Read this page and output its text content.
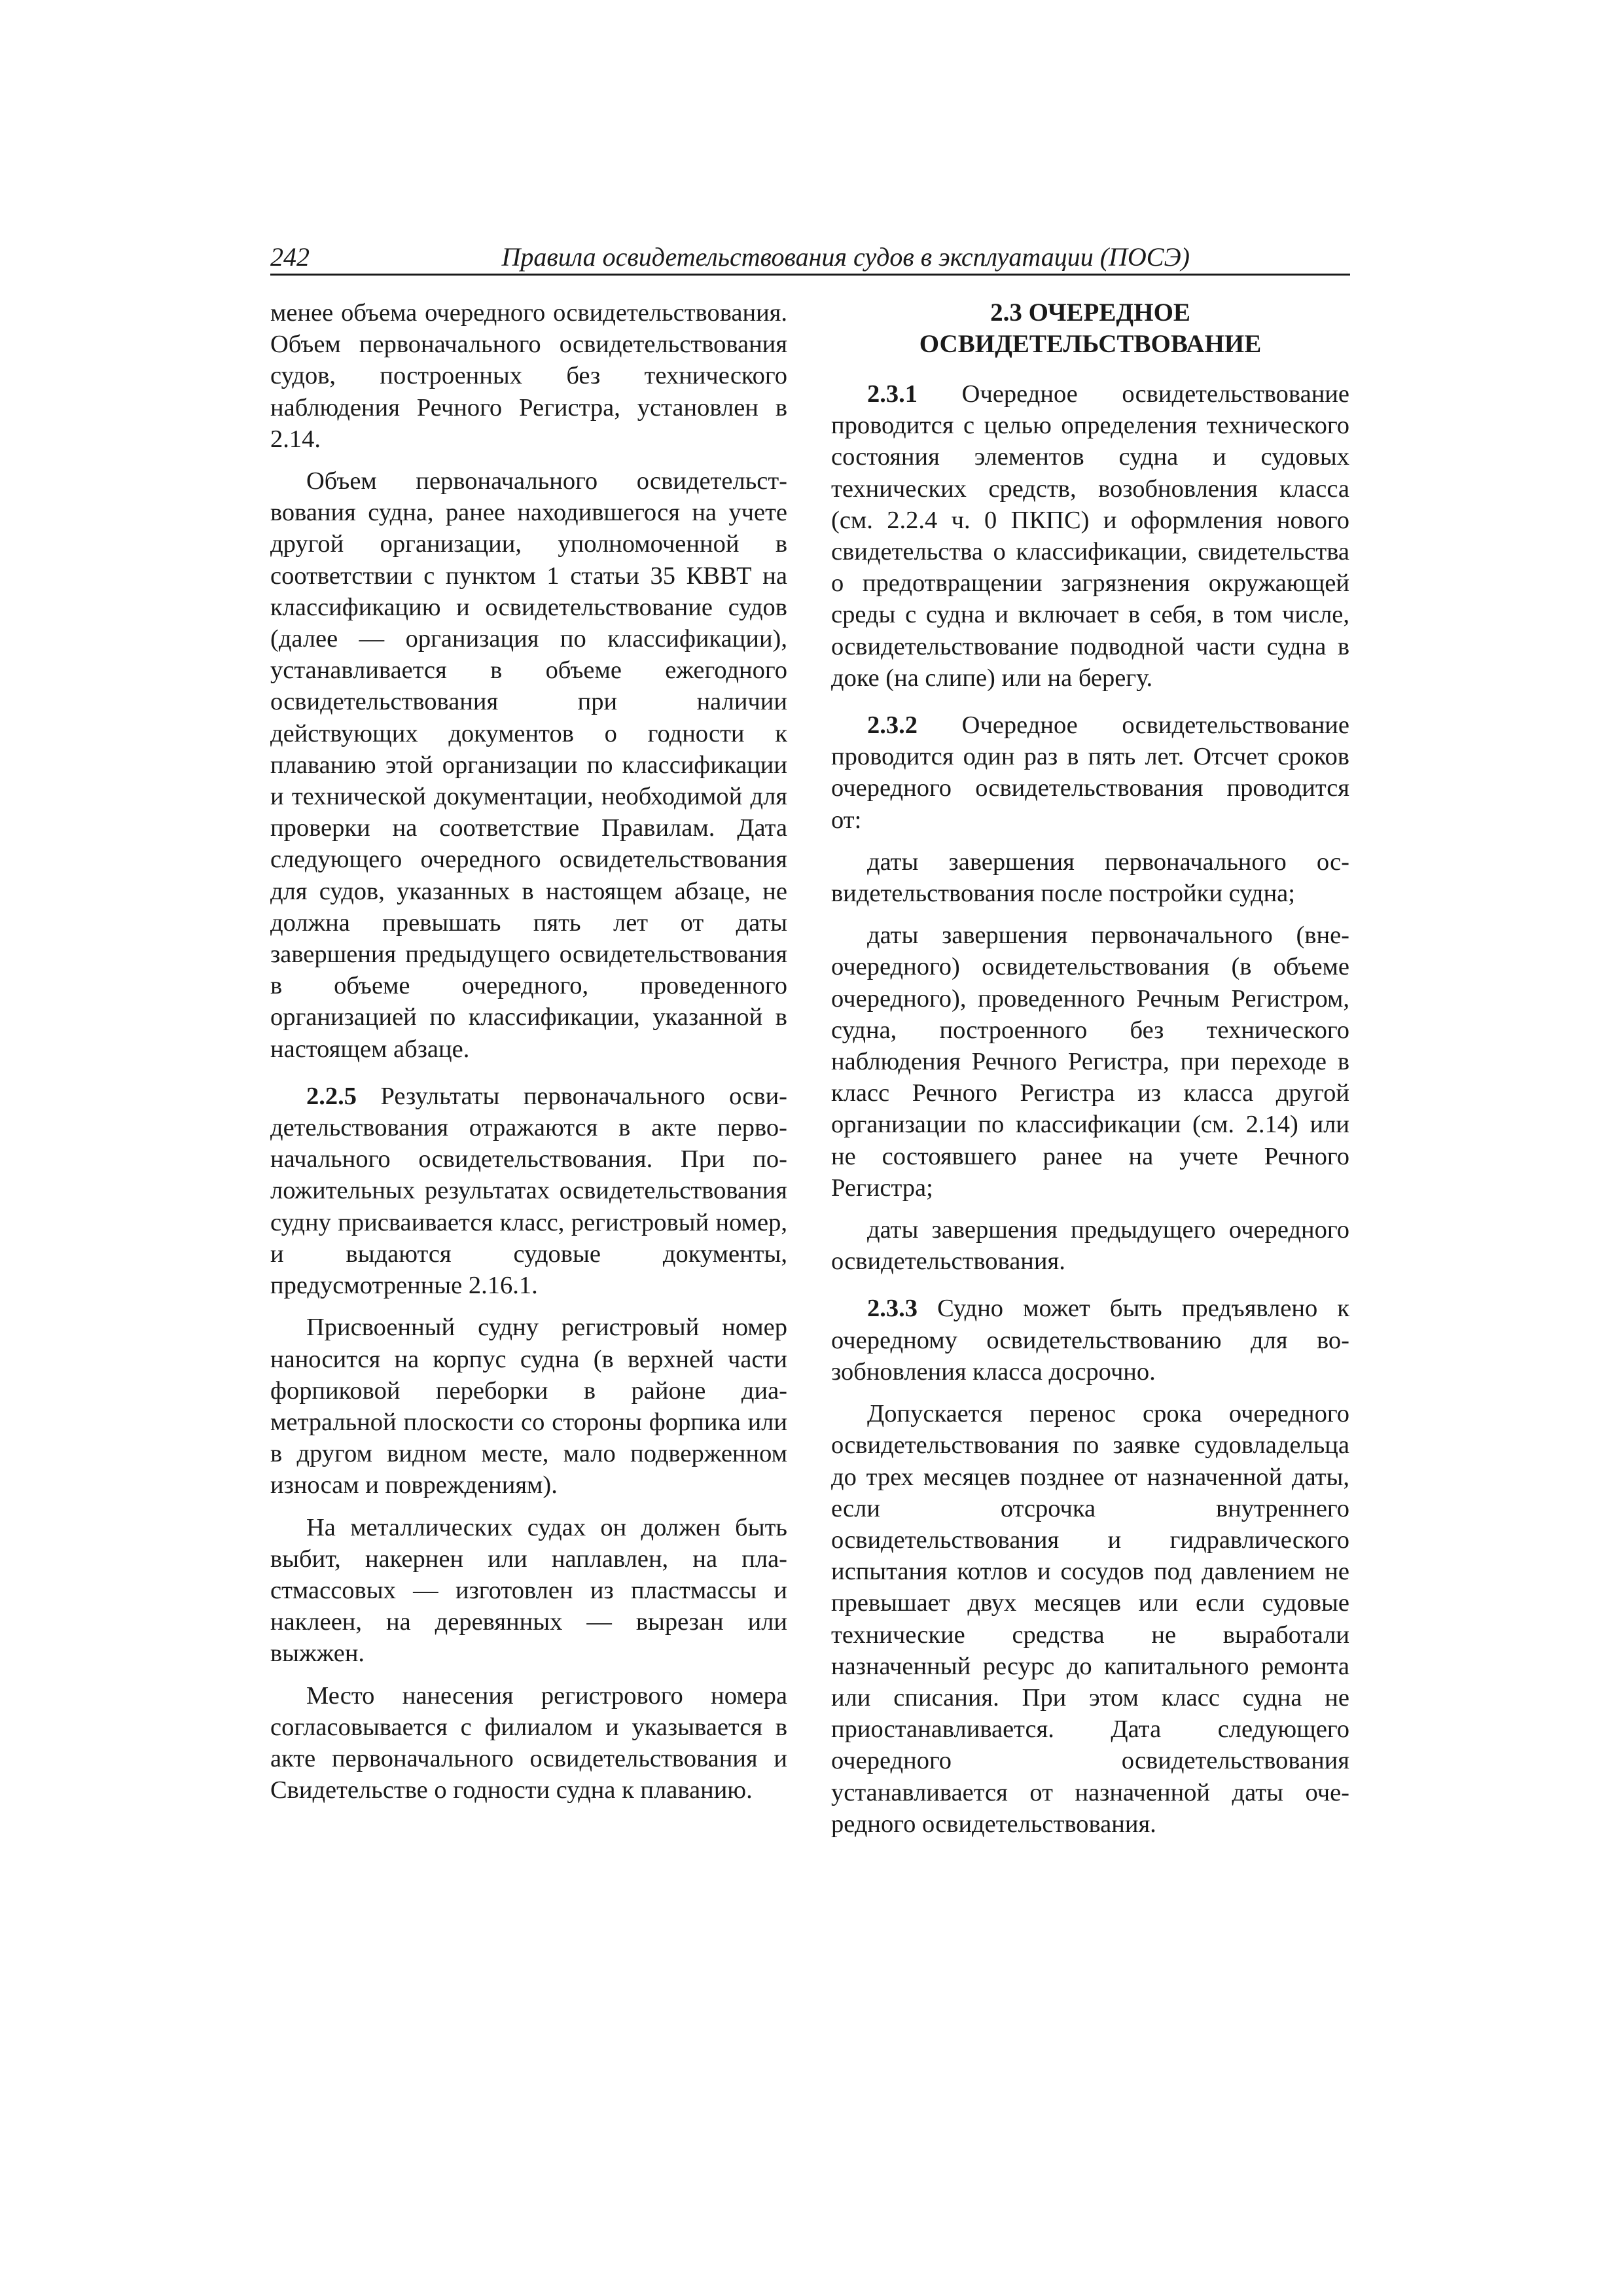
242	Правила освидетельствования судов в эксплуатации (ПОСЭ)

менее объема очередного освидетельствования. Объем первоначального освидетельствования судов, построенных без технического наблюдения Речного Регистра, установлен в 2.14.

Объем первоначального освидетельствования судна, ранее находившегося на учете другой организации, уполномоченной в соответствии с пунктом 1 статьи 35 КВВТ на классификацию и освидетельствование судов (далее — организация по классификации), устанавливается в объеме ежегодного освидетельствования при наличии действующих документов о годности к плаванию этой организации по классификации и технической документации, необходимой для проверки на соответствие Правилам. Дата следующего очередного освидетельствования для судов, указанных в настоящем абзаце, не должна превышать пять лет от даты завершения предыдущего освидетельствования в объеме очередного, проведенного организацией по классификации, указанной в настоящем абзаце.

2.2.5 Результаты первоначального освидетельствования отражаются в акте первоначального освидетельствования. При положительных результатах освидетельствования судну присваивается класс, регистровый номер, и выдаются судовые документы, предусмотренные 2.16.1.

Присвоенный судну регистровый номер наносится на корпус судна (в верхней части форпиковой переборки в районе диаметральной плоскости со стороны форпика или в другом видном месте, мало подверженном износам и повреждениям).

На металлических судах он должен быть выбит, накернен или наплавлен, на пластмассовых — изготовлен из пластмассы и наклеен, на деревянных — вырезан или выжжен.

Место нанесения регистрового номера согласовывается с филиалом и указывается в акте первоначального освидетельствования и Свидетельстве о годности судна к плаванию.

2.3 ОЧЕРЕДНОЕ
ОСВИДЕТЕЛЬСТВОВАНИЕ

2.3.1 Очередное освидетельствование проводится с целью определения технического состояния элементов судна и судовых технических средств, возобновления класса (см. 2.2.4 ч. 0 ПКПС) и оформления нового свидетельства о классификации, свидетельства о предотвращении загрязнения окружающей среды с судна и включает в себя, в том числе, освидетельствование подводной части судна в доке (на слипе) или на берегу.

2.3.2 Очередное освидетельствование проводится один раз в пять лет. Отсчет сроков очередного освидетельствования проводится от:

даты завершения первоначального освидетельствования после постройки судна;

даты завершения первоначального (внеочередного) освидетельствования (в объеме очередного), проведенного Речным Регистром, судна, построенного без технического наблюдения Речного Регистра, при переходе в класс Речного Регистра из класса другой организации по классификации (см. 2.14) или не состоявшего ранее на учете Речного Регистра;

даты завершения предыдущего очередного освидетельствования.

2.3.3 Судно может быть предъявлено к очередному освидетельствованию для возобновления класса досрочно.

Допускается перенос срока очередного освидетельствования по заявке судовладельца до трех месяцев позднее от назначенной даты, если отсрочка внутреннего освидетельствования и гидравлического испытания котлов и сосудов под давлением не превышает двух месяцев или если судовые технические средства не выработали назначенный ресурс до капитального ремонта или списания. При этом класс судна не приостанавливается. Дата следующего очередного освидетельствования устанавливается от назначенной даты очередного освидетельствования.
